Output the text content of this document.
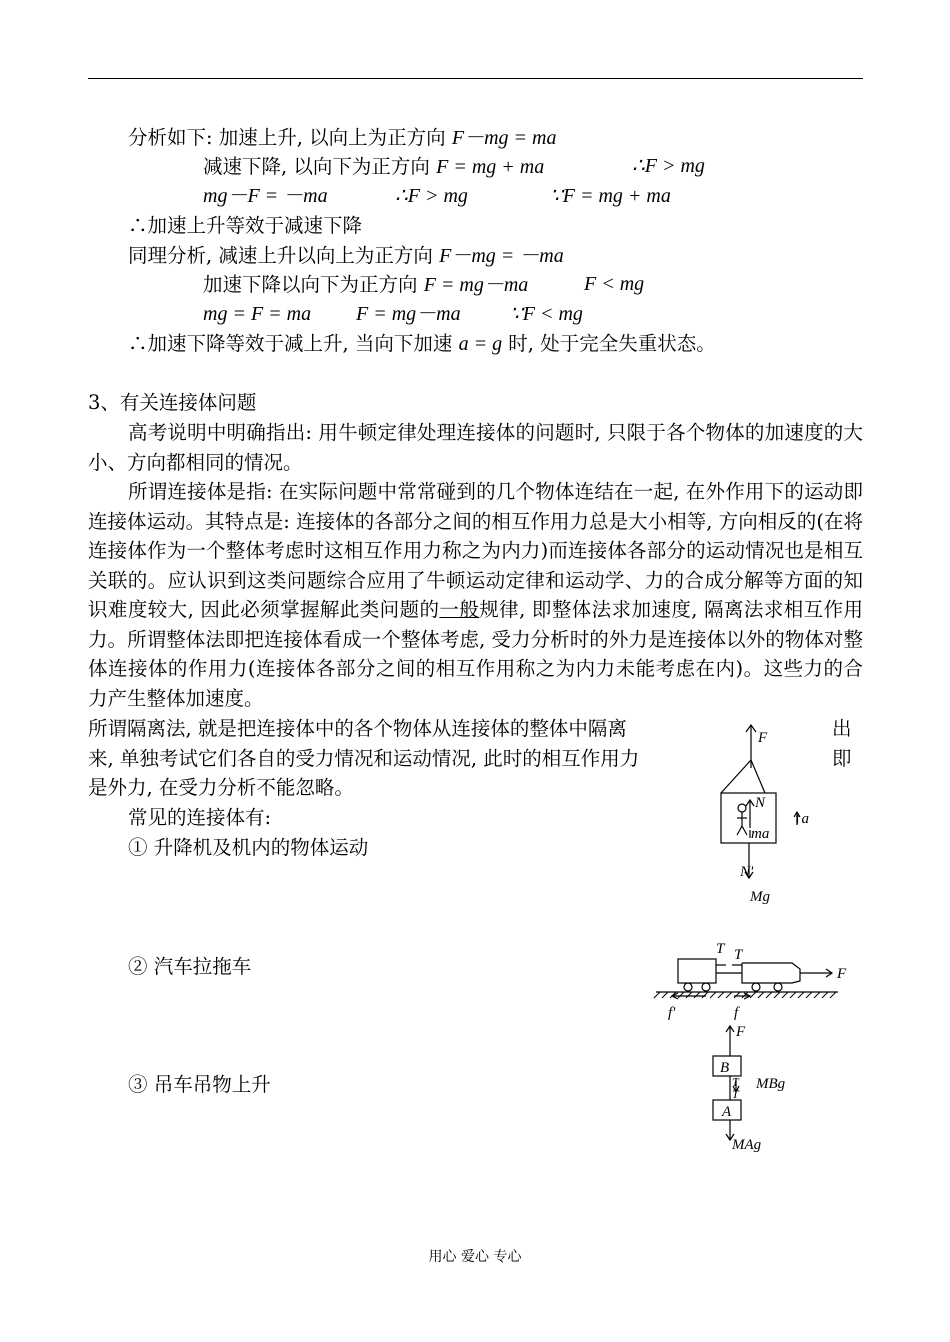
分析如下: 加速上升, 以向上为正方向 F－mg = ma
减速下降, 以向下为正方向 F = mg + ma	∴F > mg
mg－F = －ma	∴F > mg	∵F = mg + ma
∴加速上升等效于减速下降
同理分析, 减速上升以向上为正方向 F－mg = －ma
加速下降以向下为正方向 F = mg－ma	F < mg
mg = F = ma F = mg－ma ∵F < mg
∴加速下降等效于减上升, 当向下加速 a = g 时, 处于完全失重状态。
3、有关连接体问题
高考说明中明确指出: 用牛顿定律处理连接体的问题时, 只限于各个物体的加速度的大小、方向都相同的情况。
所谓连接体是指: 在实际问题中常常碰到的几个物体连结在一起, 在外作用下的运动即连接体运动。其特点是: 连接体的各部分之间的相互作用力总是大小相等, 方向相反的(在将连接体作为一个整体考虑时这相互作用力称之为内力)而连接体各部分的运动情况也是相互关联的。应认识到这类问题综合应用了牛顿运动定律和运动学、力的合成分解等方面的知识难度较大, 因此必须掌握解此类问题的一般规律, 即整体法求加速度, 隔离法求相互作用力。所谓整体法即把连接体看成一个整体考虑, 受力分析时的外力是连接体以外的物体对整体连接体的作用力(连接体各部分之间的相互作用称之为内力未能考虑在内)。这些力的合力产生整体加速度。
所谓隔离法, 就是把连接体中的各个物体从连接体的整体中隔离	出
来, 单独考试它们各自的受力情况和运动情况, 此时的相互作用力	即
是外力, 在受力分析不能忽略。
常见的连接体有:
① 升降机及机内的物体运动
② 汽车拉拖车
③ 吊车吊物上升
F
N
ma
↑a
N'
Mg
T T
F
f'	f
F
B
T
T
MBg
A
MAg
用心 爱心 专心
